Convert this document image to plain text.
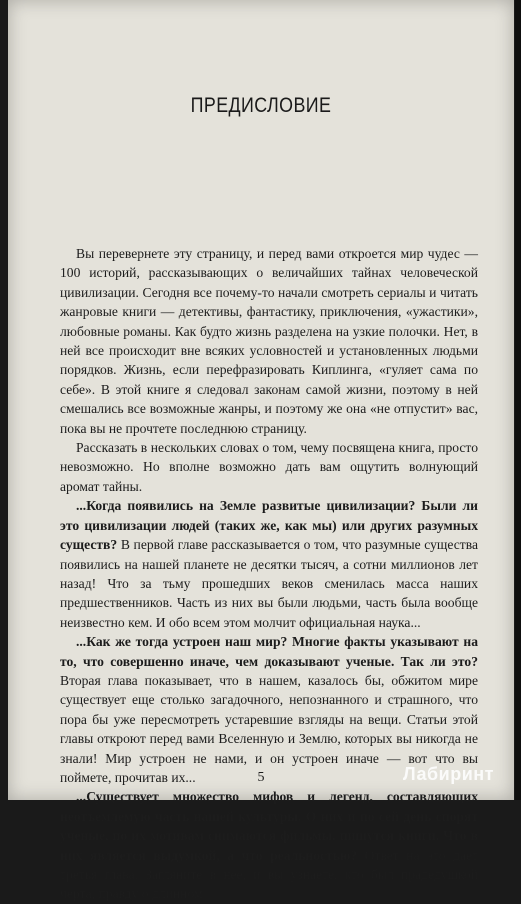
ПРЕДИСЛОВИЕ

Вы перевернете эту страницу, и перед вами откроется мир чудес — 100 историй, рассказывающих о величайших тайнах человеческой цивилизации. Сегодня все почему-то начали смотреть сериалы и читать жанровые книги — детективы, фантастику, приключения, «ужастики», любовные романы. Как будто жизнь разделена на узкие полочки. Нет, в ней все происходит вне всяких условностей и установленных людьми порядков. Жизнь, если перефразировать Киплинга, «гуляет сама по себе». В этой книге я следовал законам самой жизни, поэтому в ней смешались все возможные жанры, и поэтому же она «не отпустит» вас, пока вы не прочтете последнюю страницу.

Рассказать в нескольких словах о том, чему посвящена книга, просто невозможно. Но вполне возможно дать вам ощутить волнующий аромат тайны.

...Когда появились на Земле развитые цивилизации? Были ли это цивилизации людей (таких же, как мы) или других разумных существ? В первой главе рассказывается о том, что разумные существа появились на нашей планете не десятки тысяч, а сотни миллионов лет назад! Что за тьму прошедших веков сменилась масса наших предшественников. Часть из них вы были людьми, часть была вообще неизвестно кем. И обо всем этом молчит официальная наука...

...Как же тогда устроен наш мир? Многие факты указывают на то, что совершенно иначе, чем доказывают ученые. Так ли это? Вторая глава показывает, что в нашем, казалось бы, обжитом мире существует еще столько загадочного, непознанного и страшного, что пора бы уже пересмотреть устаревшие взгляды на вещи. Статьи этой главы откроют перед вами Вселенную и Землю, которых вы никогда не знали! Мир устроен не нами, и он устроен иначе — вот что вы поймете, прочитав их...

...Существует множество мифов и легенд, составляющих неотъемлемую часть нашей культуры. О них и по сей день спорят ученые, по их мотивам снимаются фильмы, пишутся книги. Что в них является выдумкой, а что реальностью? Ответ на это дает третья глава. Загляните в нее, и вы узнаете, кто был прадедушкой черта, правду о длинном

5	Лабиринт
